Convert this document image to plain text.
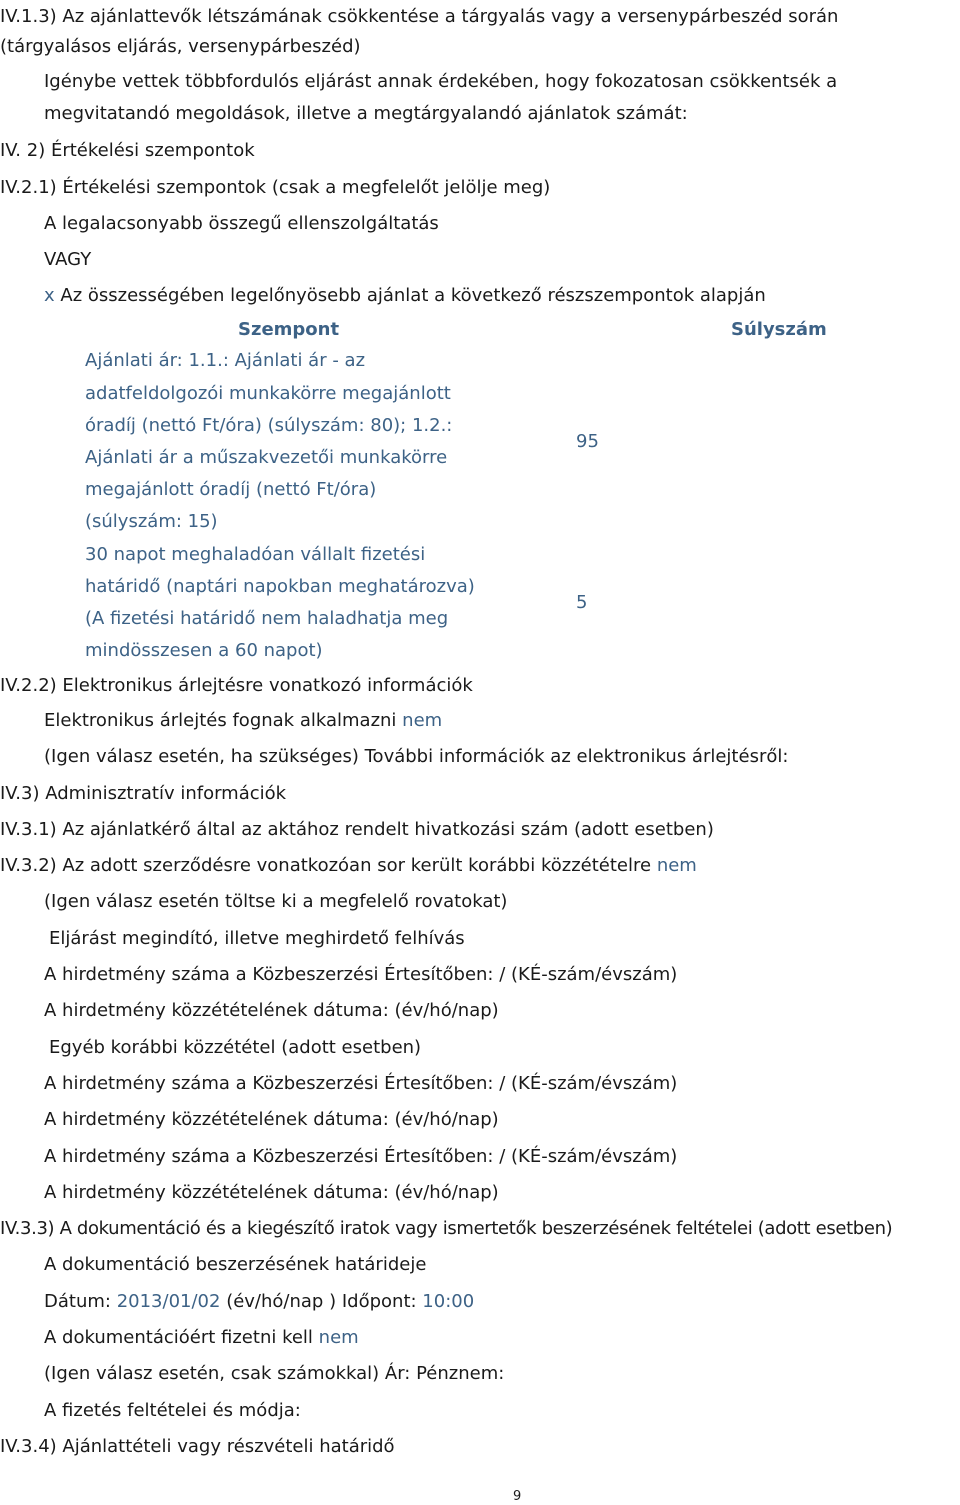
IV.1.3) Az ajánlattevők létszámának csökkentése a tárgyalás vagy a versenypárbeszéd során
(tárgyalásos eljárás, versenypárbeszéd)
Igénybe vettek többfordulós eljárást annak érdekében, hogy fokozatosan csökkentsék a
megvitatandó megoldások, illetve a megtárgyalandó ajánlatok számát:
IV. 2) Értékelési szempontok
IV.2.1) Értékelési szempontok (csak a megfelelőt jelölje meg)
A legalacsonyabb összegű ellenszolgáltatás
VAGY
x Az összességében legelőnyösebb ajánlat a következő részszempontok alapján
Szempont	Súlyszám
Ajánlati ár: 1.1.: Ajánlati ár - az
adatfeldolgozói munkakörre megajánlott
óradíj (nettó Ft/óra) (súlyszám: 80); 1.2.:
Ajánlati ár a műszakvezetői munkakörre
megajánlott óradíj (nettó Ft/óra)
(súlyszám: 15)
95
30 napot meghaladóan vállalt fizetési
határidő (naptári napokban meghatározva)
(A fizetési határidő nem haladhatja meg
mindösszesen a 60 napot)
5
IV.2.2) Elektronikus árlejtésre vonatkozó információk
Elektronikus árlejtés fognak alkalmazni nem
(Igen válasz esetén, ha szükséges) További információk az elektronikus árlejtésről:
IV.3) Adminisztratív információk
IV.3.1) Az ajánlatkérő által az aktához rendelt hivatkozási szám (adott esetben)
IV.3.2) Az adott szerződésre vonatkozóan sor került korábbi közzétételre nem
(Igen válasz esetén töltse ki a megfelelő rovatokat)
Eljárást megindító, illetve meghirdető felhívás
A hirdetmény száma a Közbeszerzési Értesítőben: / (KÉ-szám/évszám)
A hirdetmény közzétételének dátuma: (év/hó/nap)
Egyéb korábbi közzététel (adott esetben)
A hirdetmény száma a Közbeszerzési Értesítőben: / (KÉ-szám/évszám)
A hirdetmény közzétételének dátuma: (év/hó/nap)
A hirdetmény száma a Közbeszerzési Értesítőben: / (KÉ-szám/évszám)
A hirdetmény közzétételének dátuma: (év/hó/nap)
IV.3.3) A dokumentáció és a kiegészítő iratok vagy ismertetők beszerzésének feltételei (adott esetben)
A dokumentáció beszerzésének határideje
Dátum: 2013/01/02 (év/hó/nap ) Időpont: 10:00
A dokumentációért fizetni kell nem
(Igen válasz esetén, csak számokkal) Ár: Pénznem:
A fizetés feltételei és módja:
IV.3.4) Ajánlattételi vagy részvételi határidő
9
